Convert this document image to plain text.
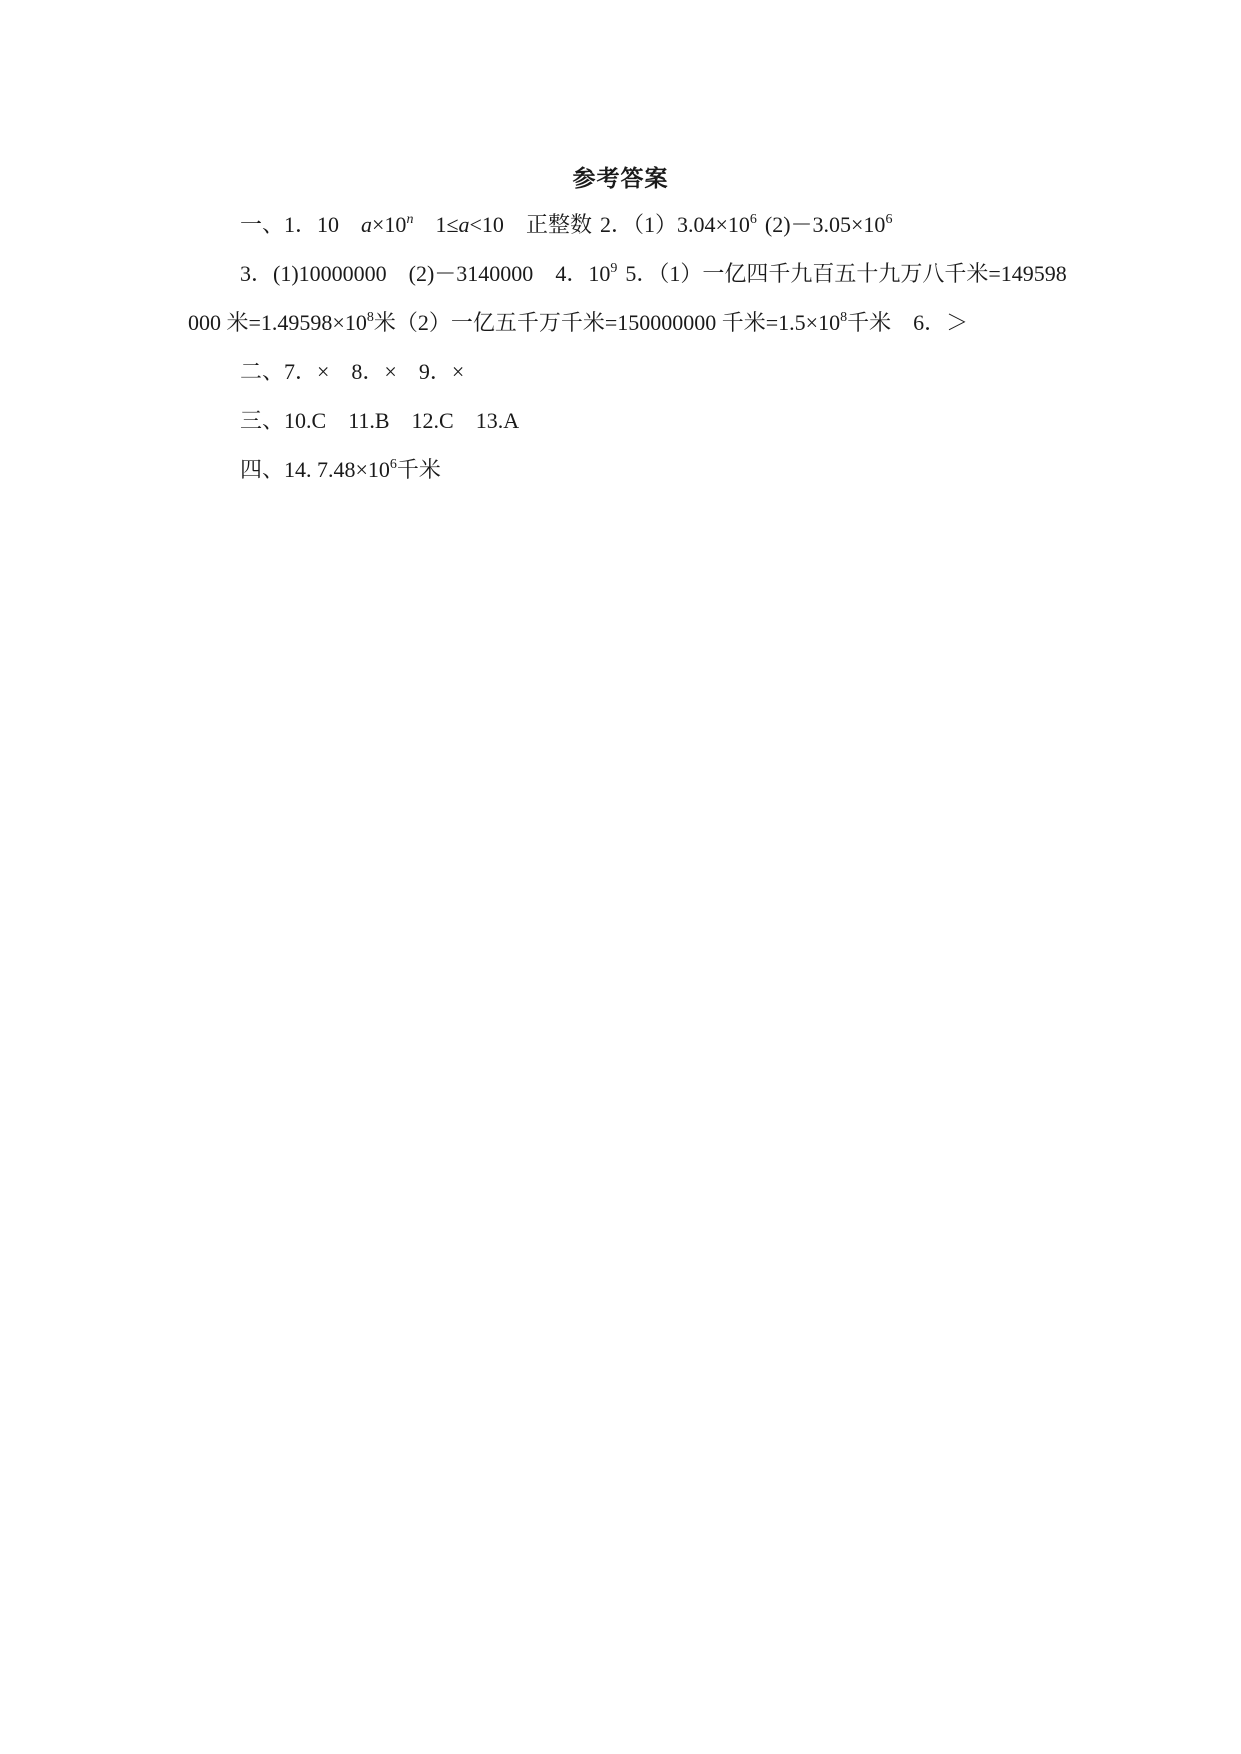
参考答案

一、1．10 $a\times 10^n$ 1≤a<10 正整数 2．$(1)3.04\times 10^6$ $(2)-3.05\times 10^6$

3．(1)10000000 (2)－3140000 4．$10^9$ 5．（1）一亿四千九百五十九万八千米=149598000 米$=1.49598\times 10^8$米（2）一亿五千万千米=150000000 千米$=1.5\times 10^8$千米 6．＞

二、7．× 8．× 9．×

三、10.C 11.B 12.C 13.A

四、14. $7.48\times 10^6$千米
